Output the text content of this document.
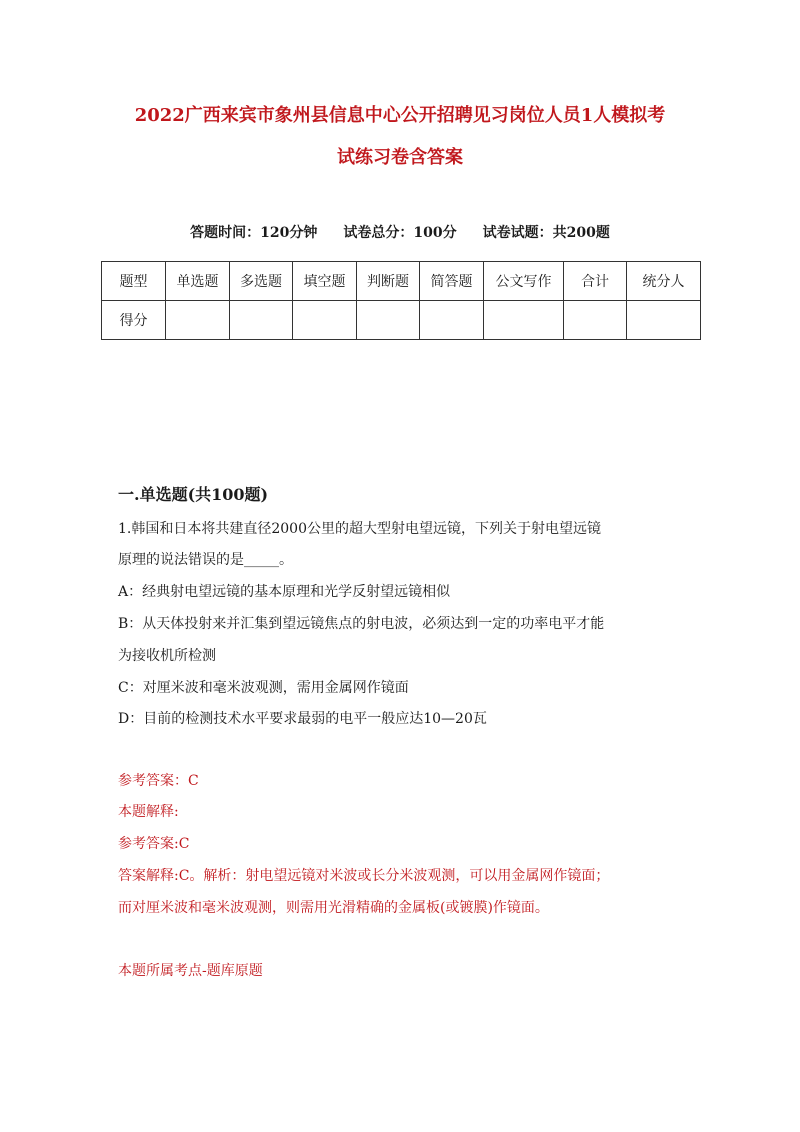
2022广西来宾市象州县信息中心公开招聘见习岗位人员1人模拟考
试练习卷含答案
答题时间：120分钟 试卷总分：100分 试卷试题：共200题
题型	单选题	多选题	填空题	判断题	简答题	公文写作	合计	统分人
得分								
一.单选题(共100题)
1.韩国和日本将共建直径2000公里的超大型射电望远镜，下列关于射电望远镜
原理的说法错误的是_____。
A：经典射电望远镜的基本原理和光学反射望远镜相似
B：从天体投射来并汇集到望远镜焦点的射电波，必须达到一定的功率电平才能
为接收机所检测
C：对厘米波和毫米波观测，需用金属网作镜面
D：目前的检测技术水平要求最弱的电平一般应达10—20瓦
参考答案：C
本题解释:
参考答案:C
答案解释:C。解析：射电望远镜对米波或长分米波观测，可以用金属网作镜面；
而对厘米波和毫米波观测，则需用光滑精确的金属板(或镀膜)作镜面。
本题所属考点-题库原题
